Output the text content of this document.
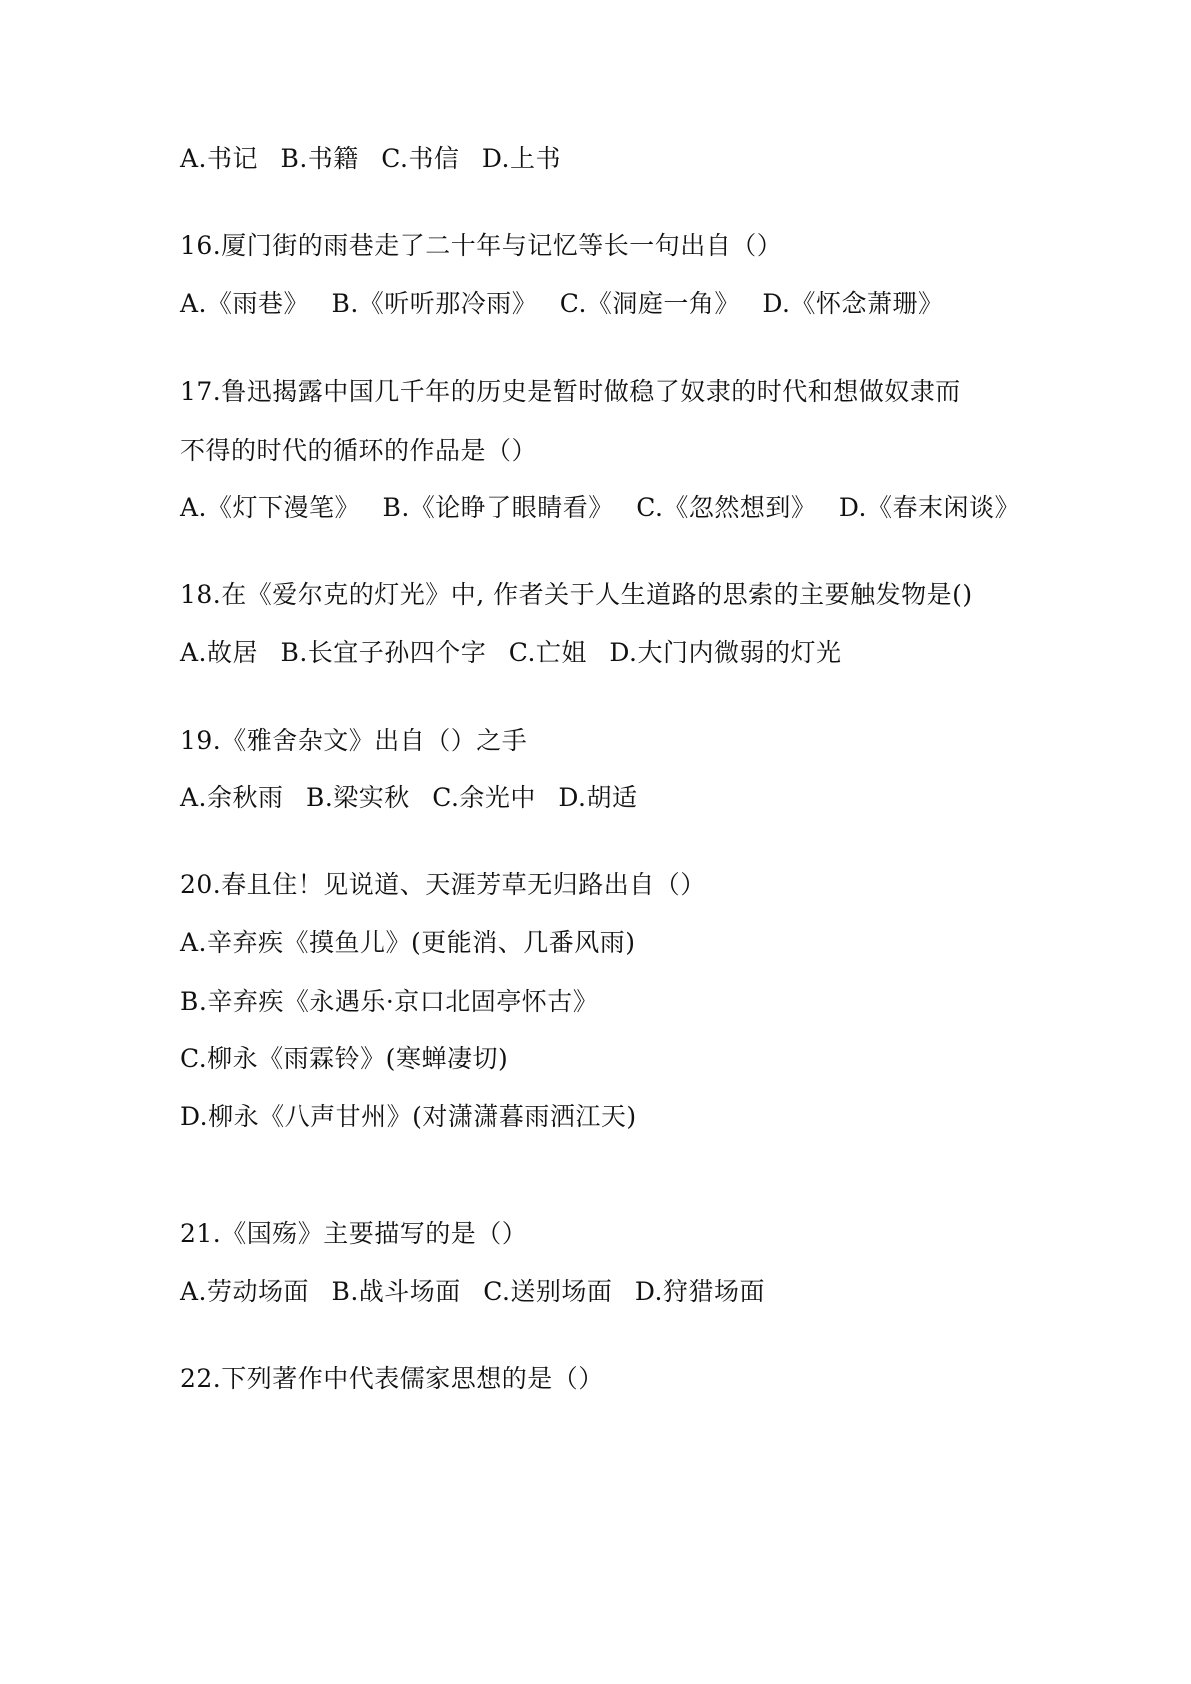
A.书记 B.书籍 C.书信 D.上书
16.厦门街的雨巷走了二十年与记忆等长一句出自（）
A.《雨巷》 B.《听听那冷雨》 C.《洞庭一角》 D.《怀念萧珊》
17.鲁迅揭露中国几千年的历史是暂时做稳了奴隶的时代和想做奴隶而
不得的时代的循环的作品是（）
A.《灯下漫笔》 B.《论睁了眼睛看》 C.《忽然想到》 D.《春末闲谈》
18.在《爱尔克的灯光》中, 作者关于人生道路的思索的主要触发物是()
A.故居 B.长宜子孙四个字 C.亡姐 D.大门内微弱的灯光
19.《雅舍杂文》出自（）之手
A.余秋雨 B.梁实秋 C.余光中 D.胡适
20.春且住！见说道、天涯芳草无归路出自（）
A.辛弃疾《摸鱼儿》(更能消、几番风雨)
B.辛弃疾《永遇乐·京口北固亭怀古》
C.柳永《雨霖铃》(寒蝉凄切)
D.柳永《八声甘州》(对潇潇暮雨洒江天)
21.《国殇》主要描写的是（）
A.劳动场面 B.战斗场面 C.送别场面 D.狩猎场面
22.下列著作中代表儒家思想的是（）
